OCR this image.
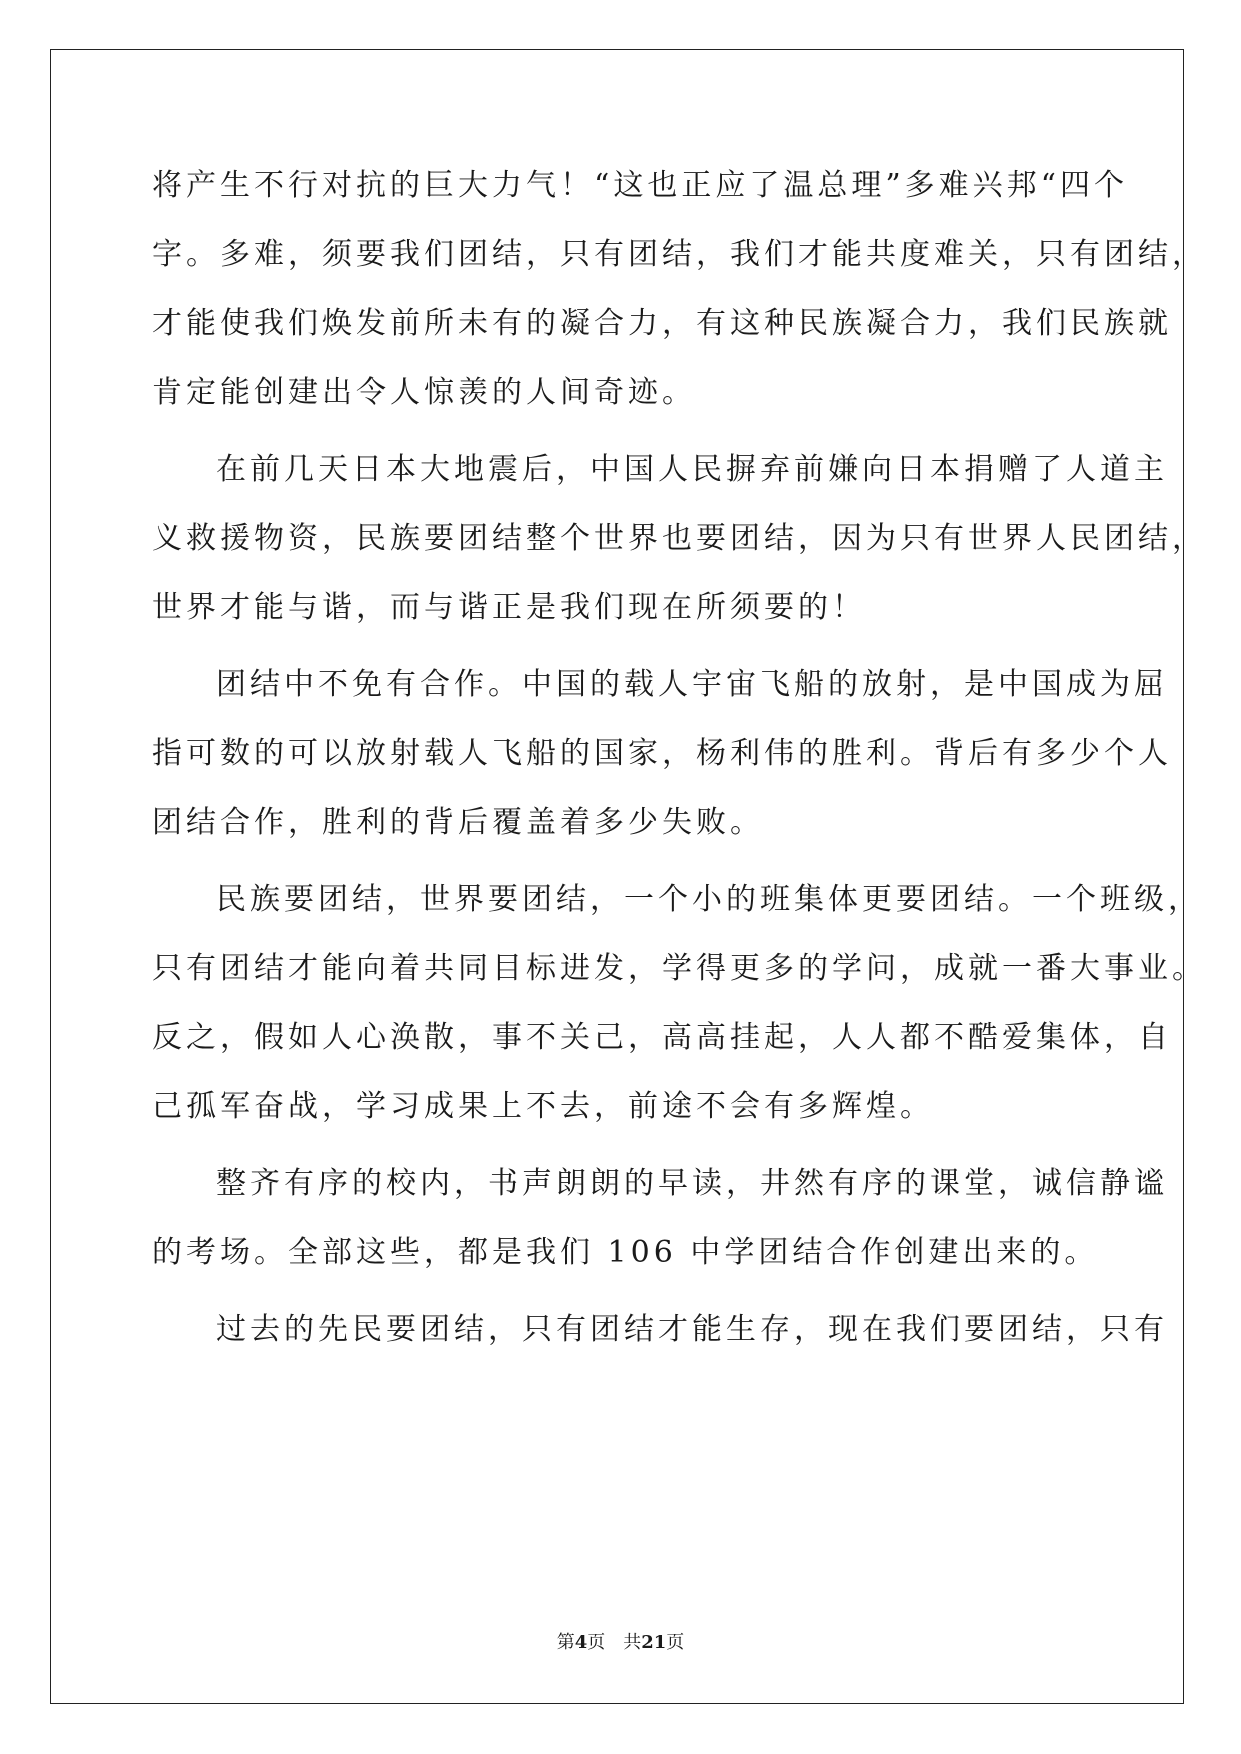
将产生不行对抗的巨大力气！“这也正应了温总理”多难兴邦“四个
字。多难，须要我们团结，只有团结，我们才能共度难关，只有团结，
才能使我们焕发前所未有的凝合力，有这种民族凝合力，我们民族就
肯定能创建出令人惊羡的人间奇迹。
在前几天日本大地震后，中国人民摒弃前嫌向日本捐赠了人道主
义救援物资，民族要团结整个世界也要团结，因为只有世界人民团结，
世界才能与谐，而与谐正是我们现在所须要的！
团结中不免有合作。中国的载人宇宙飞船的放射，是中国成为屈
指可数的可以放射载人飞船的国家，杨利伟的胜利。背后有多少个人
团结合作，胜利的背后覆盖着多少失败。
民族要团结，世界要团结，一个小的班集体更要团结。一个班级，
只有团结才能向着共同目标进发，学得更多的学问，成就一番大事业。
反之，假如人心涣散，事不关己，高高挂起，人人都不酷爱集体，自
己孤军奋战，学习成果上不去，前途不会有多辉煌。
整齐有序的校内，书声朗朗的早读，井然有序的课堂，诚信静谧
的考场。全部这些，都是我们 106 中学团结合作创建出来的。
过去的先民要团结，只有团结才能生存，现在我们要团结，只有
第4页 共21页
